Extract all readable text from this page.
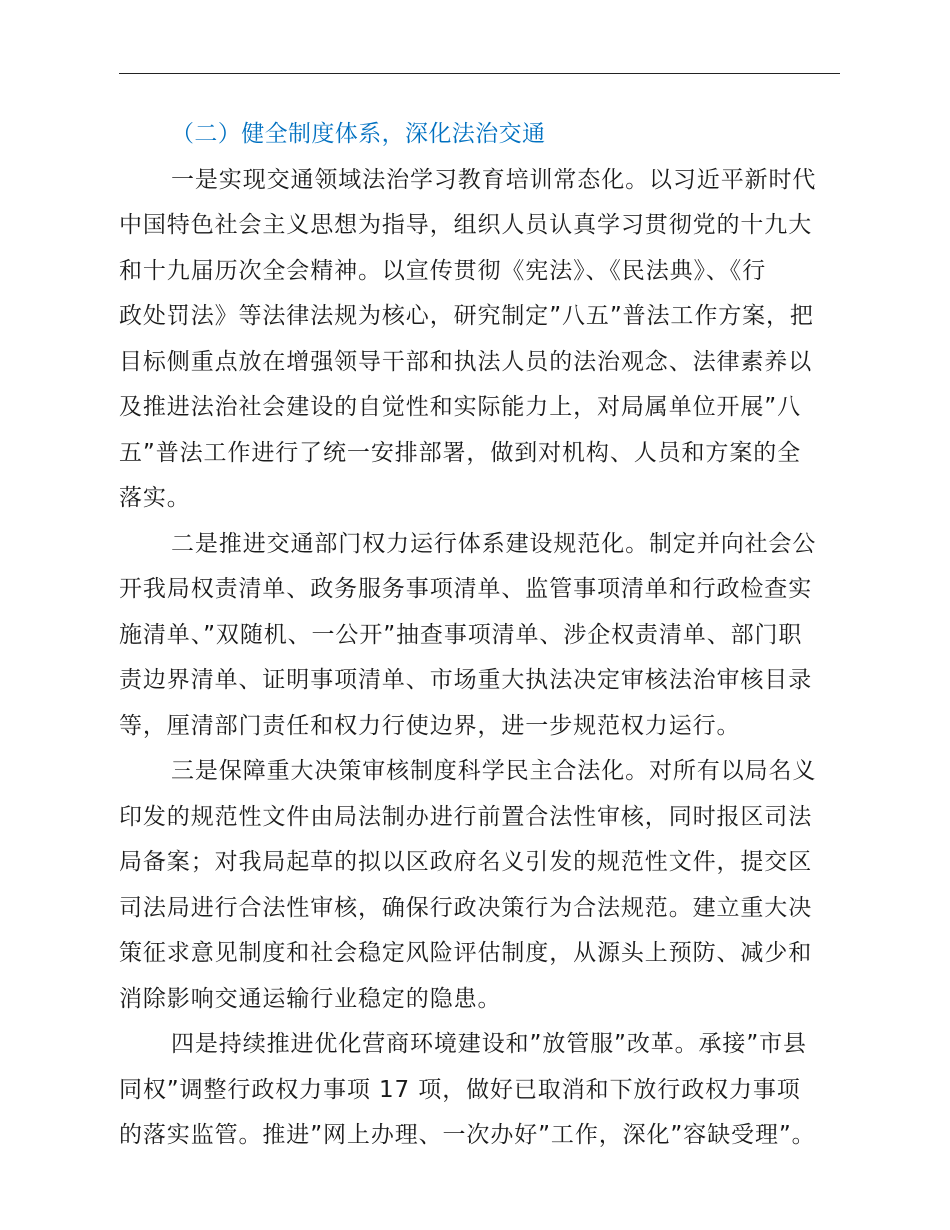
（二）健全制度体系，深化法治交通

一是实现交通领域法治学习教育培训常态化。以习近平新时代
中国特色社会主义思想为指导，组织人员认真学习贯彻党的十九大
和十九届历次全会精神。以宣传贯彻《宪法》、《民法典》、《行
政处罚法》等法律法规为核心，研究制定”八五”普法工作方案，把
目标侧重点放在增强领导干部和执法人员的法治观念、法律素养以
及推进法治社会建设的自觉性和实际能力上，对局属单位开展”八
五”普法工作进行了统一安排部署，做到对机构、人员和方案的全
落实。

二是推进交通部门权力运行体系建设规范化。制定并向社会公
开我局权责清单、政务服务事项清单、监管事项清单和行政检查实
施清单、”双随机、一公开”抽查事项清单、涉企权责清单、部门职
责边界清单、证明事项清单、市场重大执法决定审核法治审核目录
等，厘清部门责任和权力行使边界，进一步规范权力运行。

三是保障重大决策审核制度科学民主合法化。对所有以局名义
印发的规范性文件由局法制办进行前置合法性审核，同时报区司法
局备案；对我局起草的拟以区政府名义引发的规范性文件，提交区
司法局进行合法性审核，确保行政决策行为合法规范。建立重大决
策征求意见制度和社会稳定风险评估制度，从源头上预防、减少和
消除影响交通运输行业稳定的隐患。

四是持续推进优化营商环境建设和”放管服”改革。承接”市县
同权”调整行政权力事项 17 项，做好已取消和下放行政权力事项
的落实监管。推进”网上办理、一次办好”工作，深化”容缺受理”。
